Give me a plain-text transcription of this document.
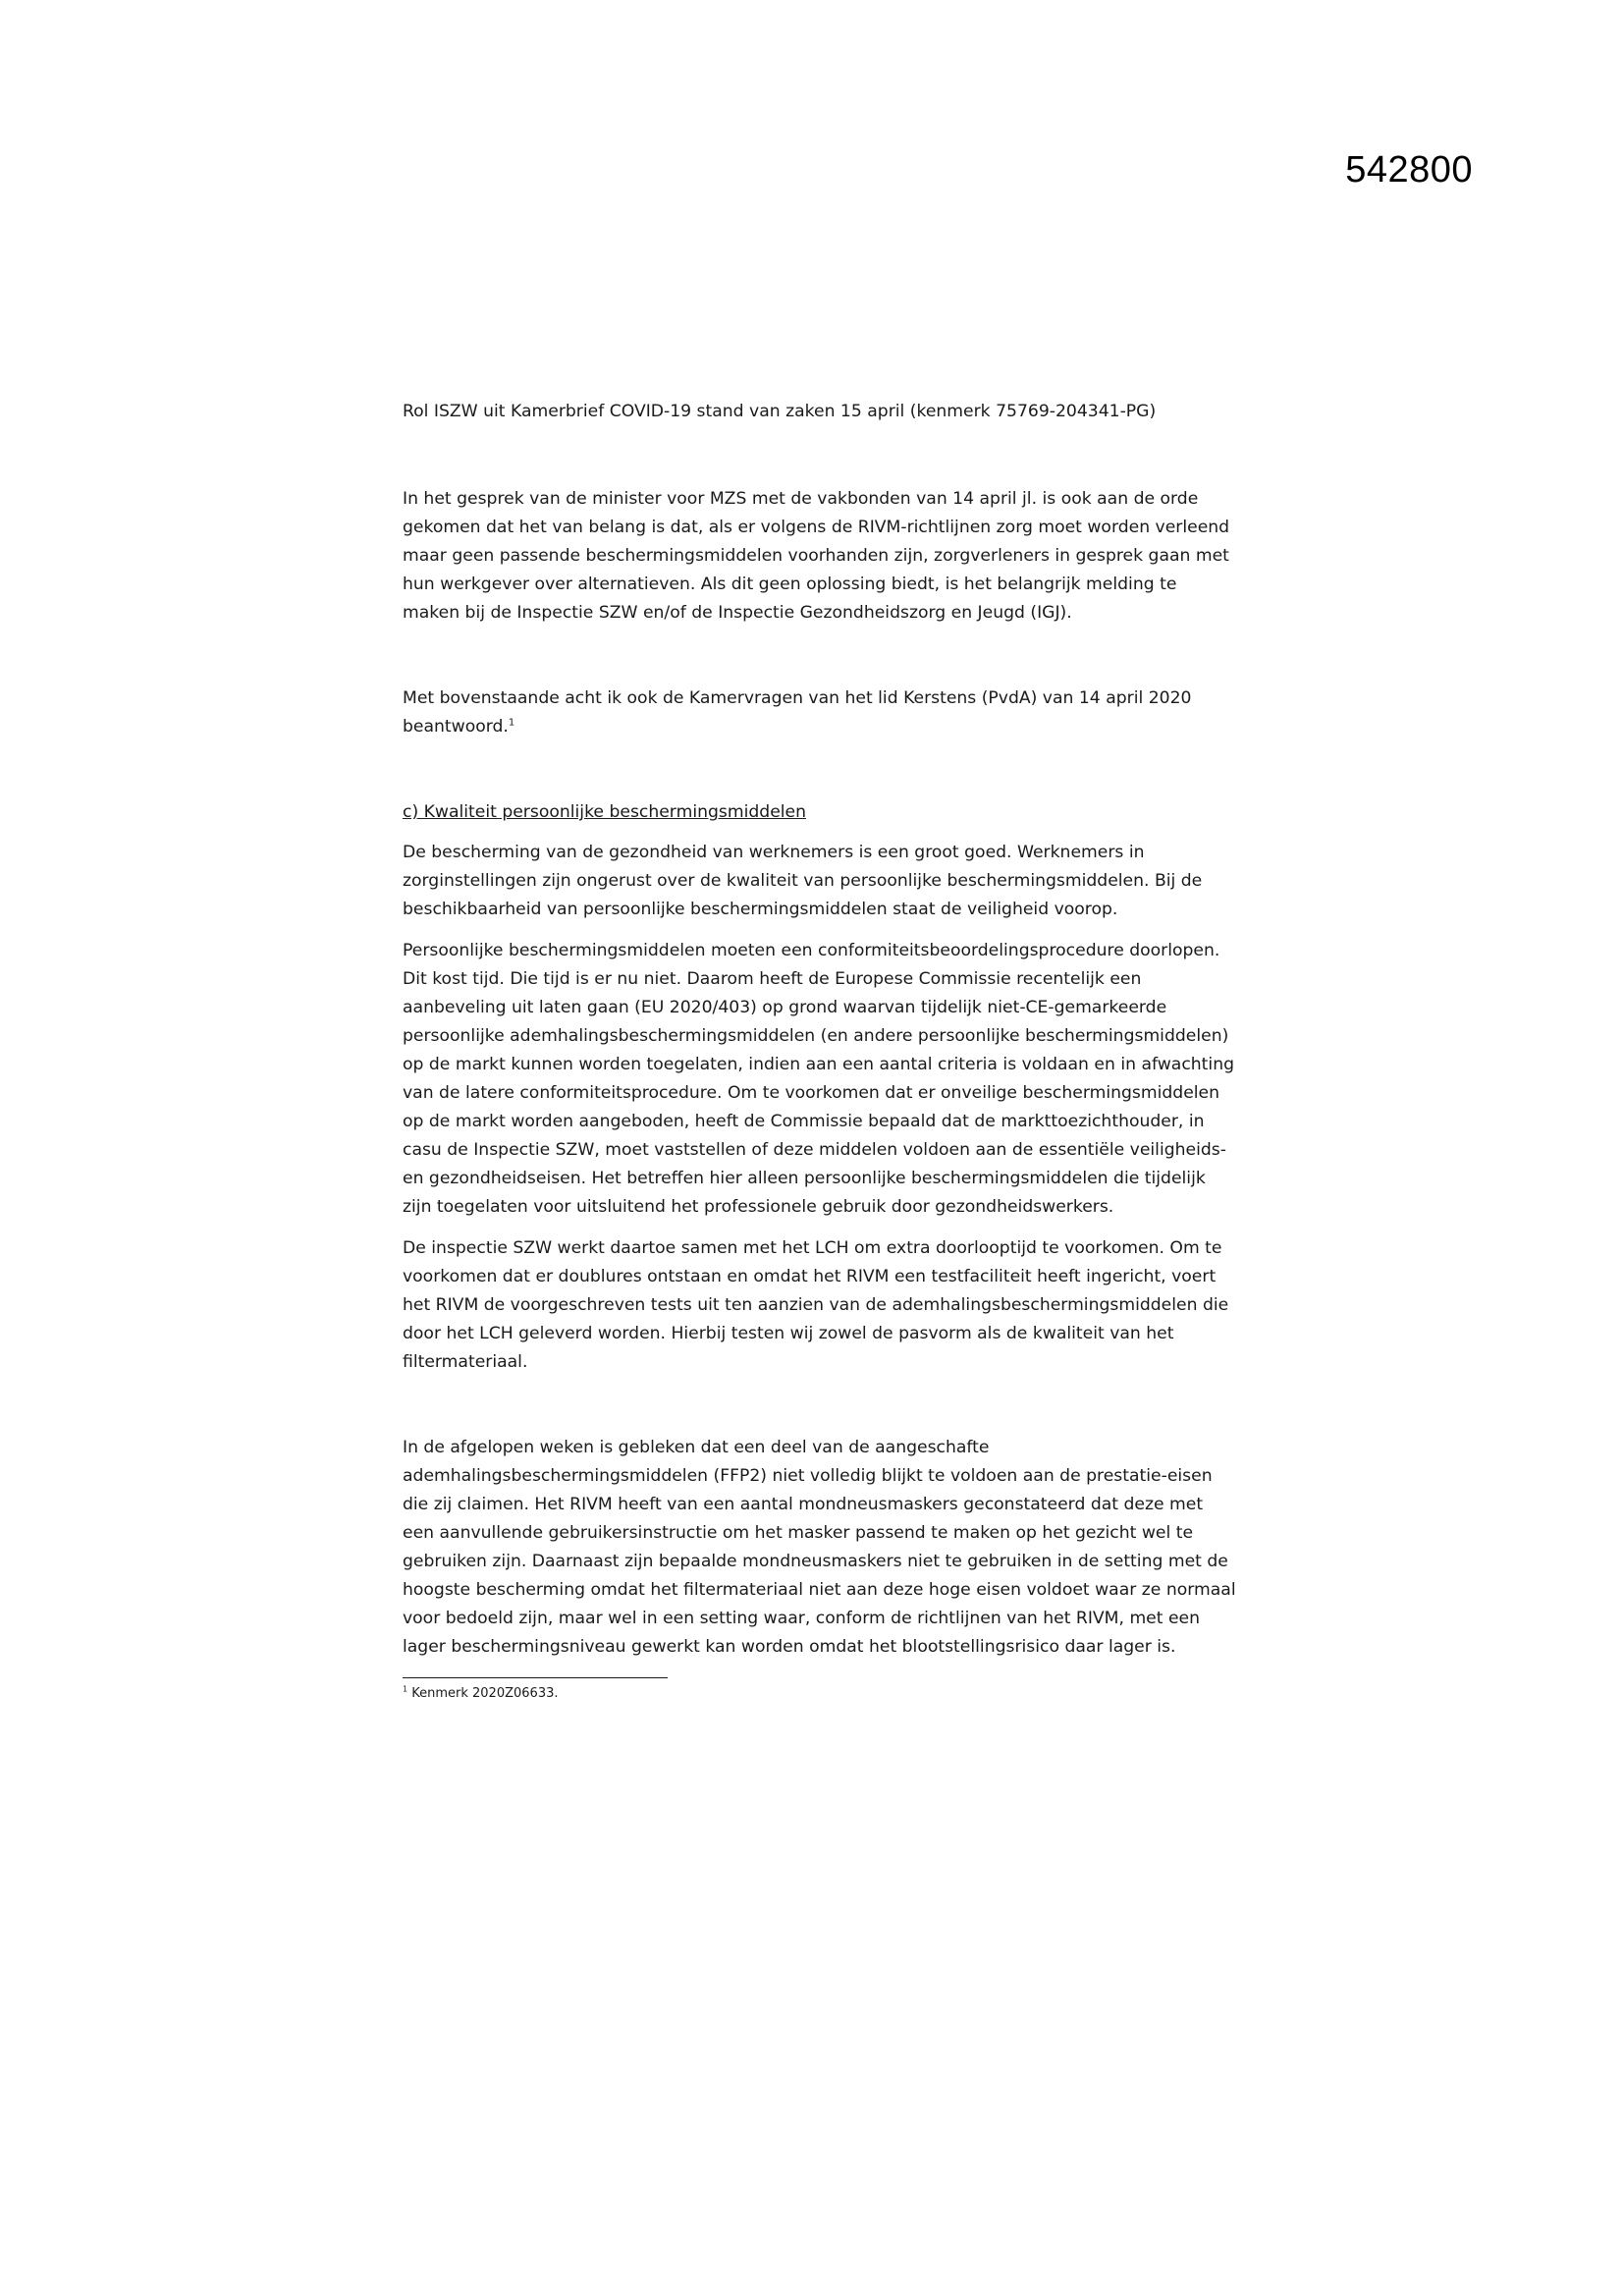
542800

Rol ISZW uit Kamerbrief COVID-19 stand van zaken 15 april (kenmerk 75769-204341-PG)

In het gesprek van de minister voor MZS met de vakbonden van 14 april jl. is ook aan de orde gekomen dat het van belang is dat, als er volgens de RIVM-richtlijnen zorg moet worden verleend maar geen passende beschermingsmiddelen voorhanden zijn, zorgverleners in gesprek gaan met hun werkgever over alternatieven. Als dit geen oplossing biedt, is het belangrijk melding te maken bij de Inspectie SZW en/of de Inspectie Gezondheidszorg en Jeugd (IGJ).

Met bovenstaande acht ik ook de Kamervragen van het lid Kerstens (PvdA) van 14 april 2020 beantwoord.$^1$

c) Kwaliteit persoonlijke beschermingsmiddelen

De bescherming van de gezondheid van werknemers is een groot goed. Werknemers in zorginstellingen zijn ongerust over de kwaliteit van persoonlijke beschermingsmiddelen. Bij de beschikbaarheid van persoonlijke beschermingsmiddelen staat de veiligheid voorop.

Persoonlijke beschermingsmiddelen moeten een conformiteitsbeoordelingsprocedure doorlopen. Dit kost tijd. Die tijd is er nu niet. Daarom heeft de Europese Commissie recentelijk een aanbeveling uit laten gaan (EU 2020/403) op grond waarvan tijdelijk niet-CE-gemarkeerde persoonlijke ademhalingsbeschermingsmiddelen (en andere persoonlijke beschermingsmiddelen) op de markt kunnen worden toegelaten, indien aan een aantal criteria is voldaan en in afwachting van de latere conformiteitsprocedure. Om te voorkomen dat er onveilige beschermingsmiddelen op de markt worden aangeboden, heeft de Commissie bepaald dat de markttoezichthouder, in casu de Inspectie SZW, moet vaststellen of deze middelen voldoen aan de essentiële veiligheids- en gezondheidseisen. Het betreffen hier alleen persoonlijke beschermingsmiddelen die tijdelijk zijn toegelaten voor uitsluitend het professionele gebruik door gezondheidswerkers.

De inspectie SZW werkt daartoe samen met het LCH om extra doorlooptijd te voorkomen. Om te voorkomen dat er doublures ontstaan en omdat het RIVM een testfaciliteit heeft ingericht, voert het RIVM de voorgeschreven tests uit ten aanzien van de ademhalingsbeschermingsmiddelen die door het LCH geleverd worden. Hierbij testen wij zowel de pasvorm als de kwaliteit van het filtermateriaal.

In de afgelopen weken is gebleken dat een deel van de aangeschafte ademhalingsbeschermingsmiddelen (FFP2) niet volledig blijkt te voldoen aan de prestatie-eisen die zij claimen. Het RIVM heeft van een aantal mondneusmaskers geconstateerd dat deze met een aanvullende gebruikersinstructie om het masker passend te maken op het gezicht wel te gebruiken zijn. Daarnaast zijn bepaalde mondneusmaskers niet te gebruiken in de setting met de hoogste bescherming omdat het filtermateriaal niet aan deze hoge eisen voldoet waar ze normaal voor bedoeld zijn, maar wel in een setting waar, conform de richtlijnen van het RIVM, met een lager beschermingsniveau gewerkt kan worden omdat het blootstellingsrisico daar lager is.

$^1$ Kenmerk 2020Z06633.
